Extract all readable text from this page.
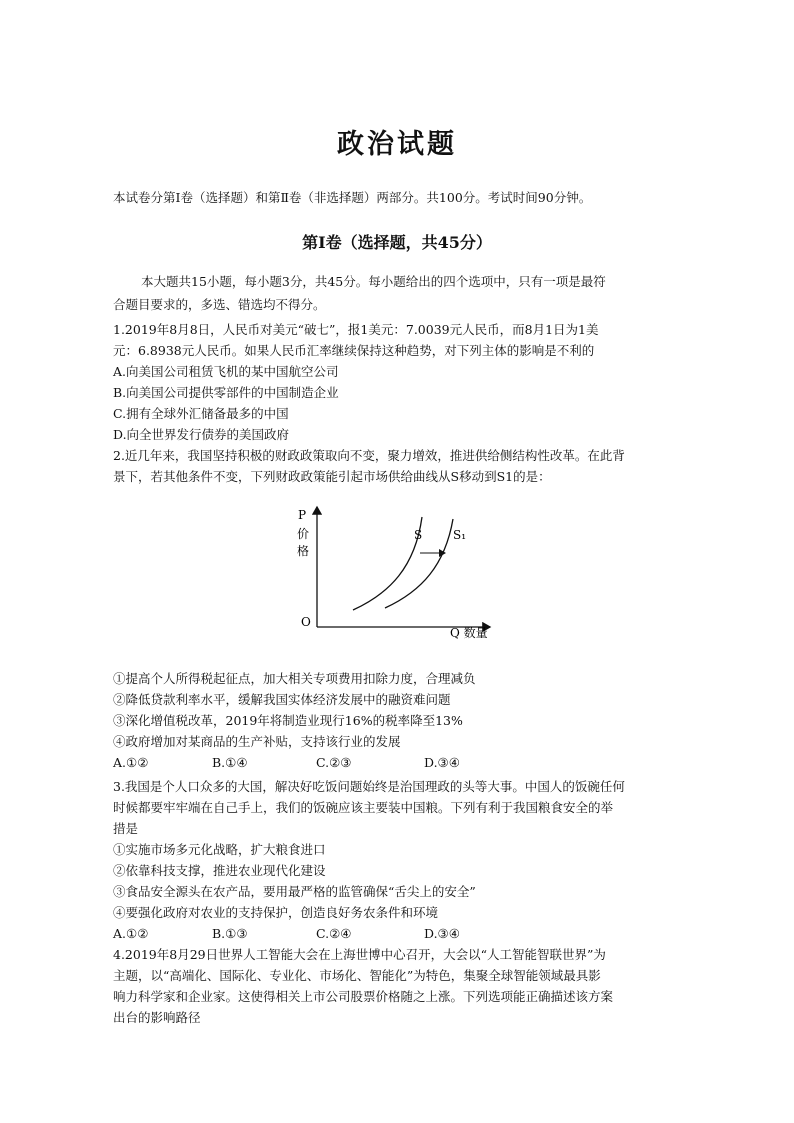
政治试题
本试卷分第Ⅰ卷（选择题）和第Ⅱ卷（非选择题）两部分。共100分。考试时间90分钟。
第Ⅰ卷（选择题，共45分）
本大题共15小题，每小题3分，共45分。每小题给出的四个选项中，只有一项是最符
合题目要求的，多选、错选均不得分。
1.2019年8月8日，人民币对美元“破七”，报1美元：7.0039元人民币，而8月1日为1美
元：6.8938元人民币。如果人民币汇率继续保持这种趋势，对下列主体的影响是不利的
A.向美国公司租赁飞机的某中国航空公司
B.向美国公司提供零部件的中国制造企业
C.拥有全球外汇储备最多的中国
D.向全世界发行债券的美国政府
2.近几年来，我国坚持积极的财政政策取向不变，聚力增效，推进供给侧结构性改革。在此背
景下，若其他条件不变，下列财政政策能引起市场供给曲线从S移动到S1的是：
P
价
格
O
Q 数量
S	S₁
①提高个人所得税起征点，加大相关专项费用扣除力度，合理减负
②降低贷款利率水平，缓解我国实体经济发展中的融资难问题
③深化增值税改革，2019年将制造业现行16%的税率降至13%
④政府增加对某商品的生产补贴，支持该行业的发展
A.①②	B.①④	C.②③	D.③④
3.我国是个人口众多的大国，解决好吃饭问题始终是治国理政的头等大事。中国人的饭碗任何
时候都要牢牢端在自己手上，我们的饭碗应该主要装中国粮。下列有利于我国粮食安全的举
措是
①实施市场多元化战略，扩大粮食进口
②依靠科技支撑，推进农业现代化建设
③食品安全源头在农产品，要用最严格的监管确保“舌尖上的安全”
④要强化政府对农业的支持保护，创造良好务农条件和环境
A.①②	B.①③	C.②④	D.③④
4.2019年8月29日世界人工智能大会在上海世博中心召开，大会以“人工智能智联世界”为
主题，以“高端化、国际化、专业化、市场化、智能化”为特色，集聚全球智能领域最具影
响力科学家和企业家。这使得相关上市公司股票价格随之上涨。下列选项能正确描述该方案
出台的影响路径
